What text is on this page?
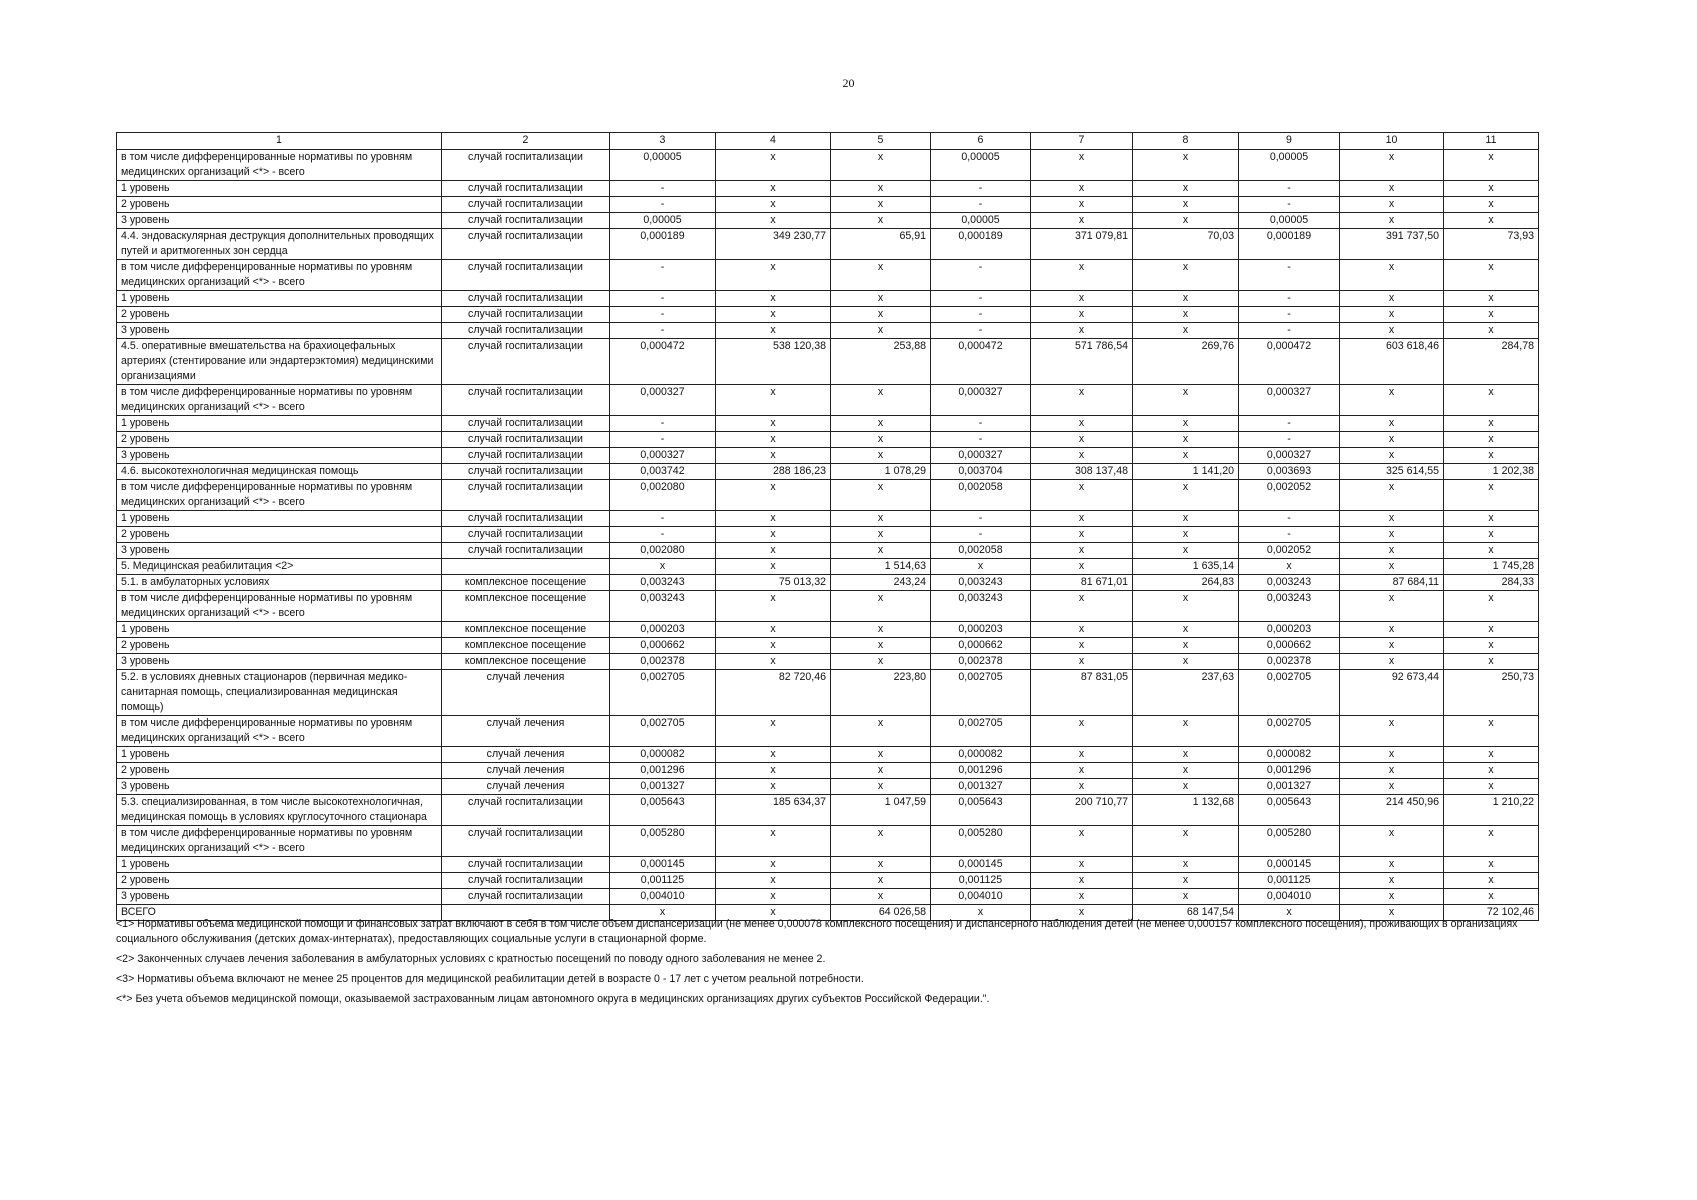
20
1	2	3	4	5	6	7	8	9	10	11
в том числе дифференцированные нормативы по уровням медицинских организаций <*> - всего	случай госпитализации	0,00005	x	x	0,00005	x	x	0,00005	x	x
1 уровень	случай госпитализации	-	x	x	-	x	x	-	x	x
2 уровень	случай госпитализации	-	x	x	-	x	x	-	x	x
3 уровень	случай госпитализации	0,00005	x	x	0,00005	x	x	0,00005	x	x
4.4. эндоваскулярная деструкция дополнительных проводящих путей и аритмогенных зон сердца	случай госпитализации	0,000189	349 230,77	65,91	0,000189	371 079,81	70,03	0,000189	391 737,50	73,93
в том числе дифференцированные нормативы по уровням медицинских организаций <*> - всего	случай госпитализации	-	x	x	-	x	x	-	x	x
1 уровень	случай госпитализации	-	x	x	-	x	x	-	x	x
2 уровень	случай госпитализации	-	x	x	-	x	x	-	x	x
3 уровень	случай госпитализации	-	x	x	-	x	x	-	x	x
4.5. оперативные вмешательства на брахиоцефальных артериях (стентирование или эндартерэктомия) медицинскими организациями	случай госпитализации	0,000472	538 120,38	253,88	0,000472	571 786,54	269,76	0,000472	603 618,46	284,78
в том числе дифференцированные нормативы по уровням медицинских организаций <*> - всего	случай госпитализации	0,000327	x	x	0,000327	x	x	0,000327	x	x
1 уровень	случай госпитализации	-	x	x	-	x	x	-	x	x
2 уровень	случай госпитализации	-	x	x	-	x	x	-	x	x
3 уровень	случай госпитализации	0,000327	x	x	0,000327	x	x	0,000327	x	x
4.6. высокотехнологичная медицинская помощь	случай госпитализации	0,003742	288 186,23	1 078,29	0,003704	308 137,48	1 141,20	0,003693	325 614,55	1 202,38
в том числе дифференцированные нормативы по уровням медицинских организаций <*> - всего	случай госпитализации	0,002080	x	x	0,002058	x	x	0,002052	x	x
1 уровень	случай госпитализации	-	x	x	-	x	x	-	x	x
2 уровень	случай госпитализации	-	x	x	-	x	x	-	x	x
3 уровень	случай госпитализации	0,002080	x	x	0,002058	x	x	0,002052	x	x
5. Медицинская реабилитация <2>		x	x	1 514,63	x	x	1 635,14	x	x	1 745,28
5.1. в амбулаторных условиях	комплексное посещение	0,003243	75 013,32	243,24	0,003243	81 671,01	264,83	0,003243	87 684,11	284,33
в том числе дифференцированные нормативы по уровням медицинских организаций <*> - всего	комплексное посещение	0,003243	x	x	0,003243	x	x	0,003243	x	x
1 уровень	комплексное посещение	0,000203	x	x	0,000203	x	x	0,000203	x	x
2 уровень	комплексное посещение	0,000662	x	x	0,000662	x	x	0,000662	x	x
3 уровень	комплексное посещение	0,002378	x	x	0,002378	x	x	0,002378	x	x
5.2. в условиях дневных стационаров (первичная медико-санитарная помощь, специализированная медицинская помощь)	случай лечения	0,002705	82 720,46	223,80	0,002705	87 831,05	237,63	0,002705	92 673,44	250,73
в том числе дифференцированные нормативы по уровням медицинских организаций <*> - всего	случай лечения	0,002705	x	x	0,002705	x	x	0,002705	x	x
1 уровень	случай лечения	0,000082	x	x	0,000082	x	x	0,000082	x	x
2 уровень	случай лечения	0,001296	x	x	0,001296	x	x	0,001296	x	x
3 уровень	случай лечения	0,001327	x	x	0,001327	x	x	0,001327	x	x
5.3. специализированная, в том числе высокотехнологичная, медицинская помощь в условиях круглосуточного стационара	случай госпитализации	0,005643	185 634,37	1 047,59	0,005643	200 710,77	1 132,68	0,005643	214 450,96	1 210,22
в том числе дифференцированные нормативы по уровням медицинских организаций <*> - всего	случай госпитализации	0,005280	x	x	0,005280	x	x	0,005280	x	x
1 уровень	случай госпитализации	0,000145	x	x	0,000145	x	x	0,000145	x	x
2 уровень	случай госпитализации	0,001125	x	x	0,001125	x	x	0,001125	x	x
3 уровень	случай госпитализации	0,004010	x	x	0,004010	x	x	0,004010	x	x
ВСЕГО		x	x	64 026,58	x	x	68 147,54	x	x	72 102,46

<1> Нормативы объема медицинской помощи и финансовых затрат включают в себя в том числе объем диспансеризации (не менее 0,000078 комплексного посещения) и диспансерного наблюдения детей (не менее 0,000157 комплексного посещения), проживающих в организациях социального обслуживания (детских домах-интернатах), предоставляющих социальные услуги в стационарной форме.

<2> Законченных случаев лечения заболевания в амбулаторных условиях с кратностью посещений по поводу одного заболевания не менее 2.

<3> Нормативы объема включают не менее 25 процентов для медицинской реабилитации детей в возрасте 0 - 17 лет с учетом реальной потребности.

<*> Без учета объемов медицинской помощи, оказываемой застрахованным лицам автономного округа в медицинских организациях других субъектов Российской Федерации.".
